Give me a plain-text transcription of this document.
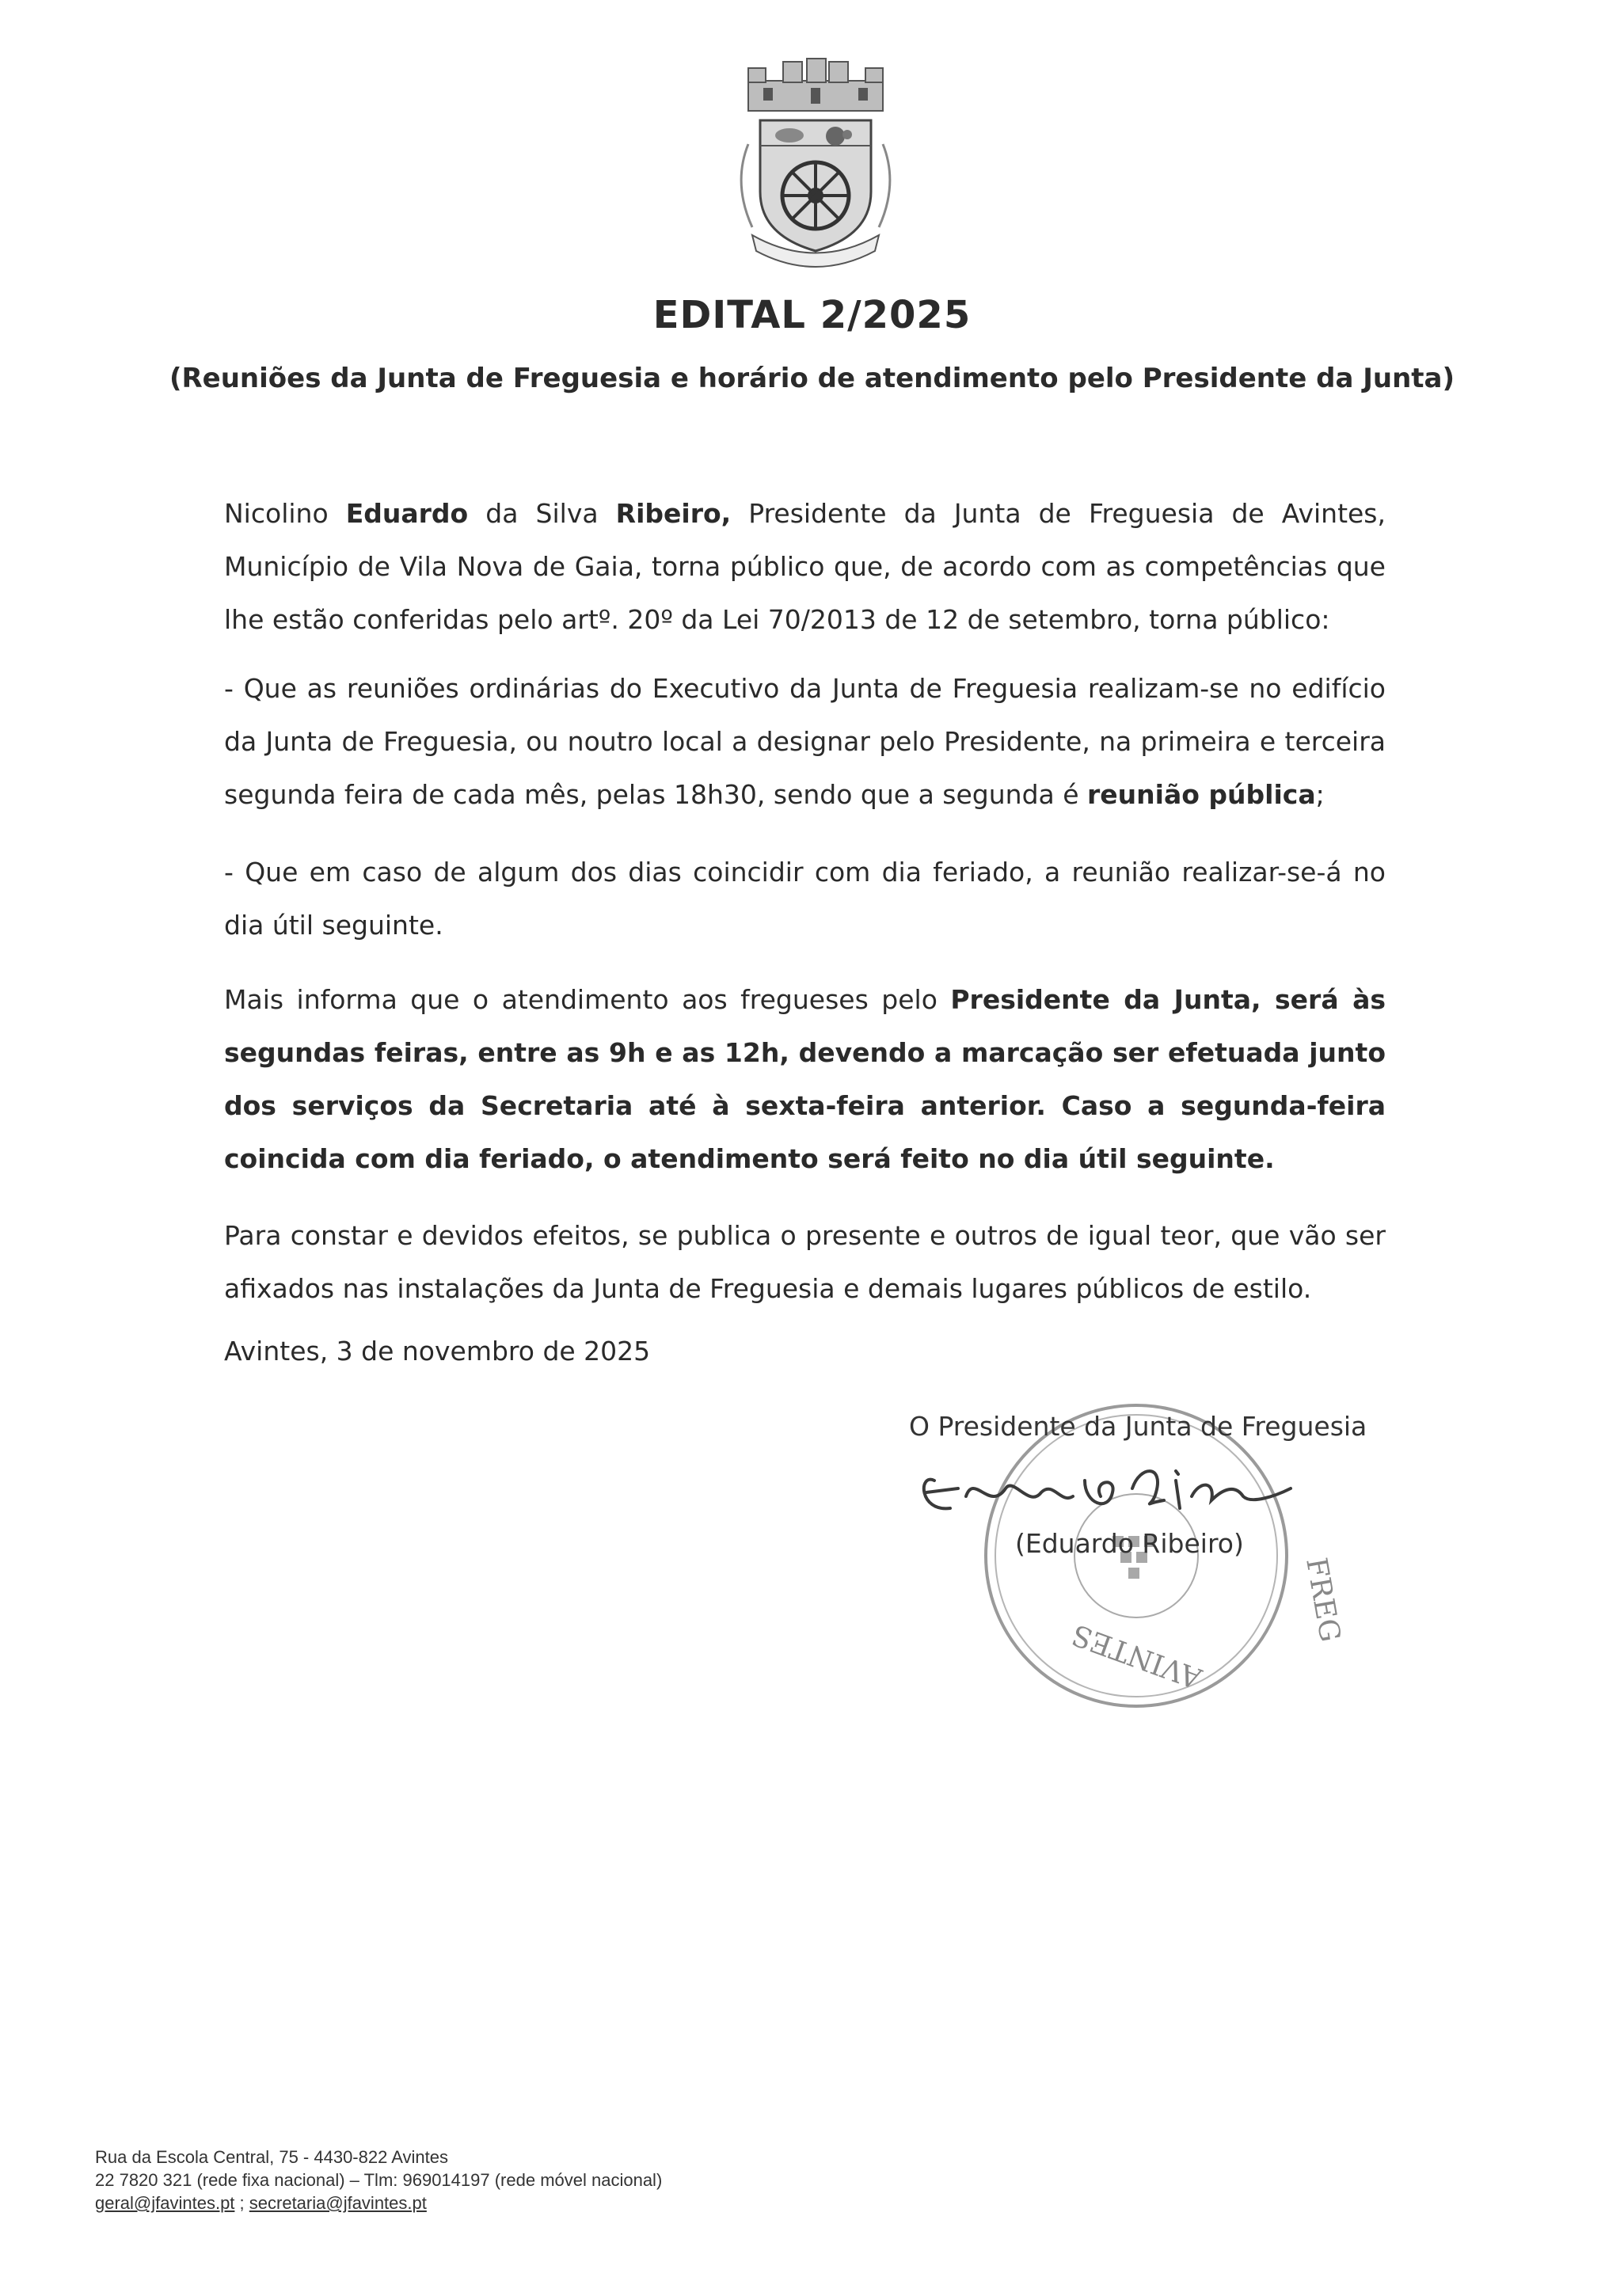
EDITAL 2/2025
(Reuniões da Junta de Freguesia e horário de atendimento pelo Presidente da Junta)
Nicolino Eduardo da Silva Ribeiro, Presidente da Junta de Freguesia de Avintes, Município de Vila Nova de Gaia, torna público que, de acordo com as competências que lhe estão conferidas pelo artº. 20º da Lei 70/2013 de 12 de setembro, torna público:
- Que as reuniões ordinárias do Executivo da Junta de Freguesia realizam-se no edifício da Junta de Freguesia, ou noutro local a designar pelo Presidente, na primeira e terceira segunda feira de cada mês, pelas 18h30, sendo que a segunda é reunião pública;
- Que em caso de algum dos dias coincidir com dia feriado, a reunião realizar-se-á no dia útil seguinte.
Mais informa que o atendimento aos fregueses pelo Presidente da Junta, será às segundas feiras, entre as 9h e as 12h, devendo a marcação ser efetuada junto dos serviços da Secretaria até à sexta-feira anterior. Caso a segunda-feira coincida com dia feriado, o atendimento será feito no dia útil seguinte.
Para constar e devidos efeitos, se publica o presente e outros de igual teor, que vão ser afixados nas instalações da Junta de Freguesia e demais lugares públicos de estilo.
Avintes, 3 de novembro de 2025
FREG
AVINTES
O Presidente da Junta de Freguesia
(Eduardo Ribeiro)
Rua da Escola Central, 75 - 4430-822 Avintes
22 7820 321 (rede fixa nacional) – Tlm: 969014197 (rede móvel nacional)
geral@jfavintes.pt ; secretaria@jfavintes.pt
